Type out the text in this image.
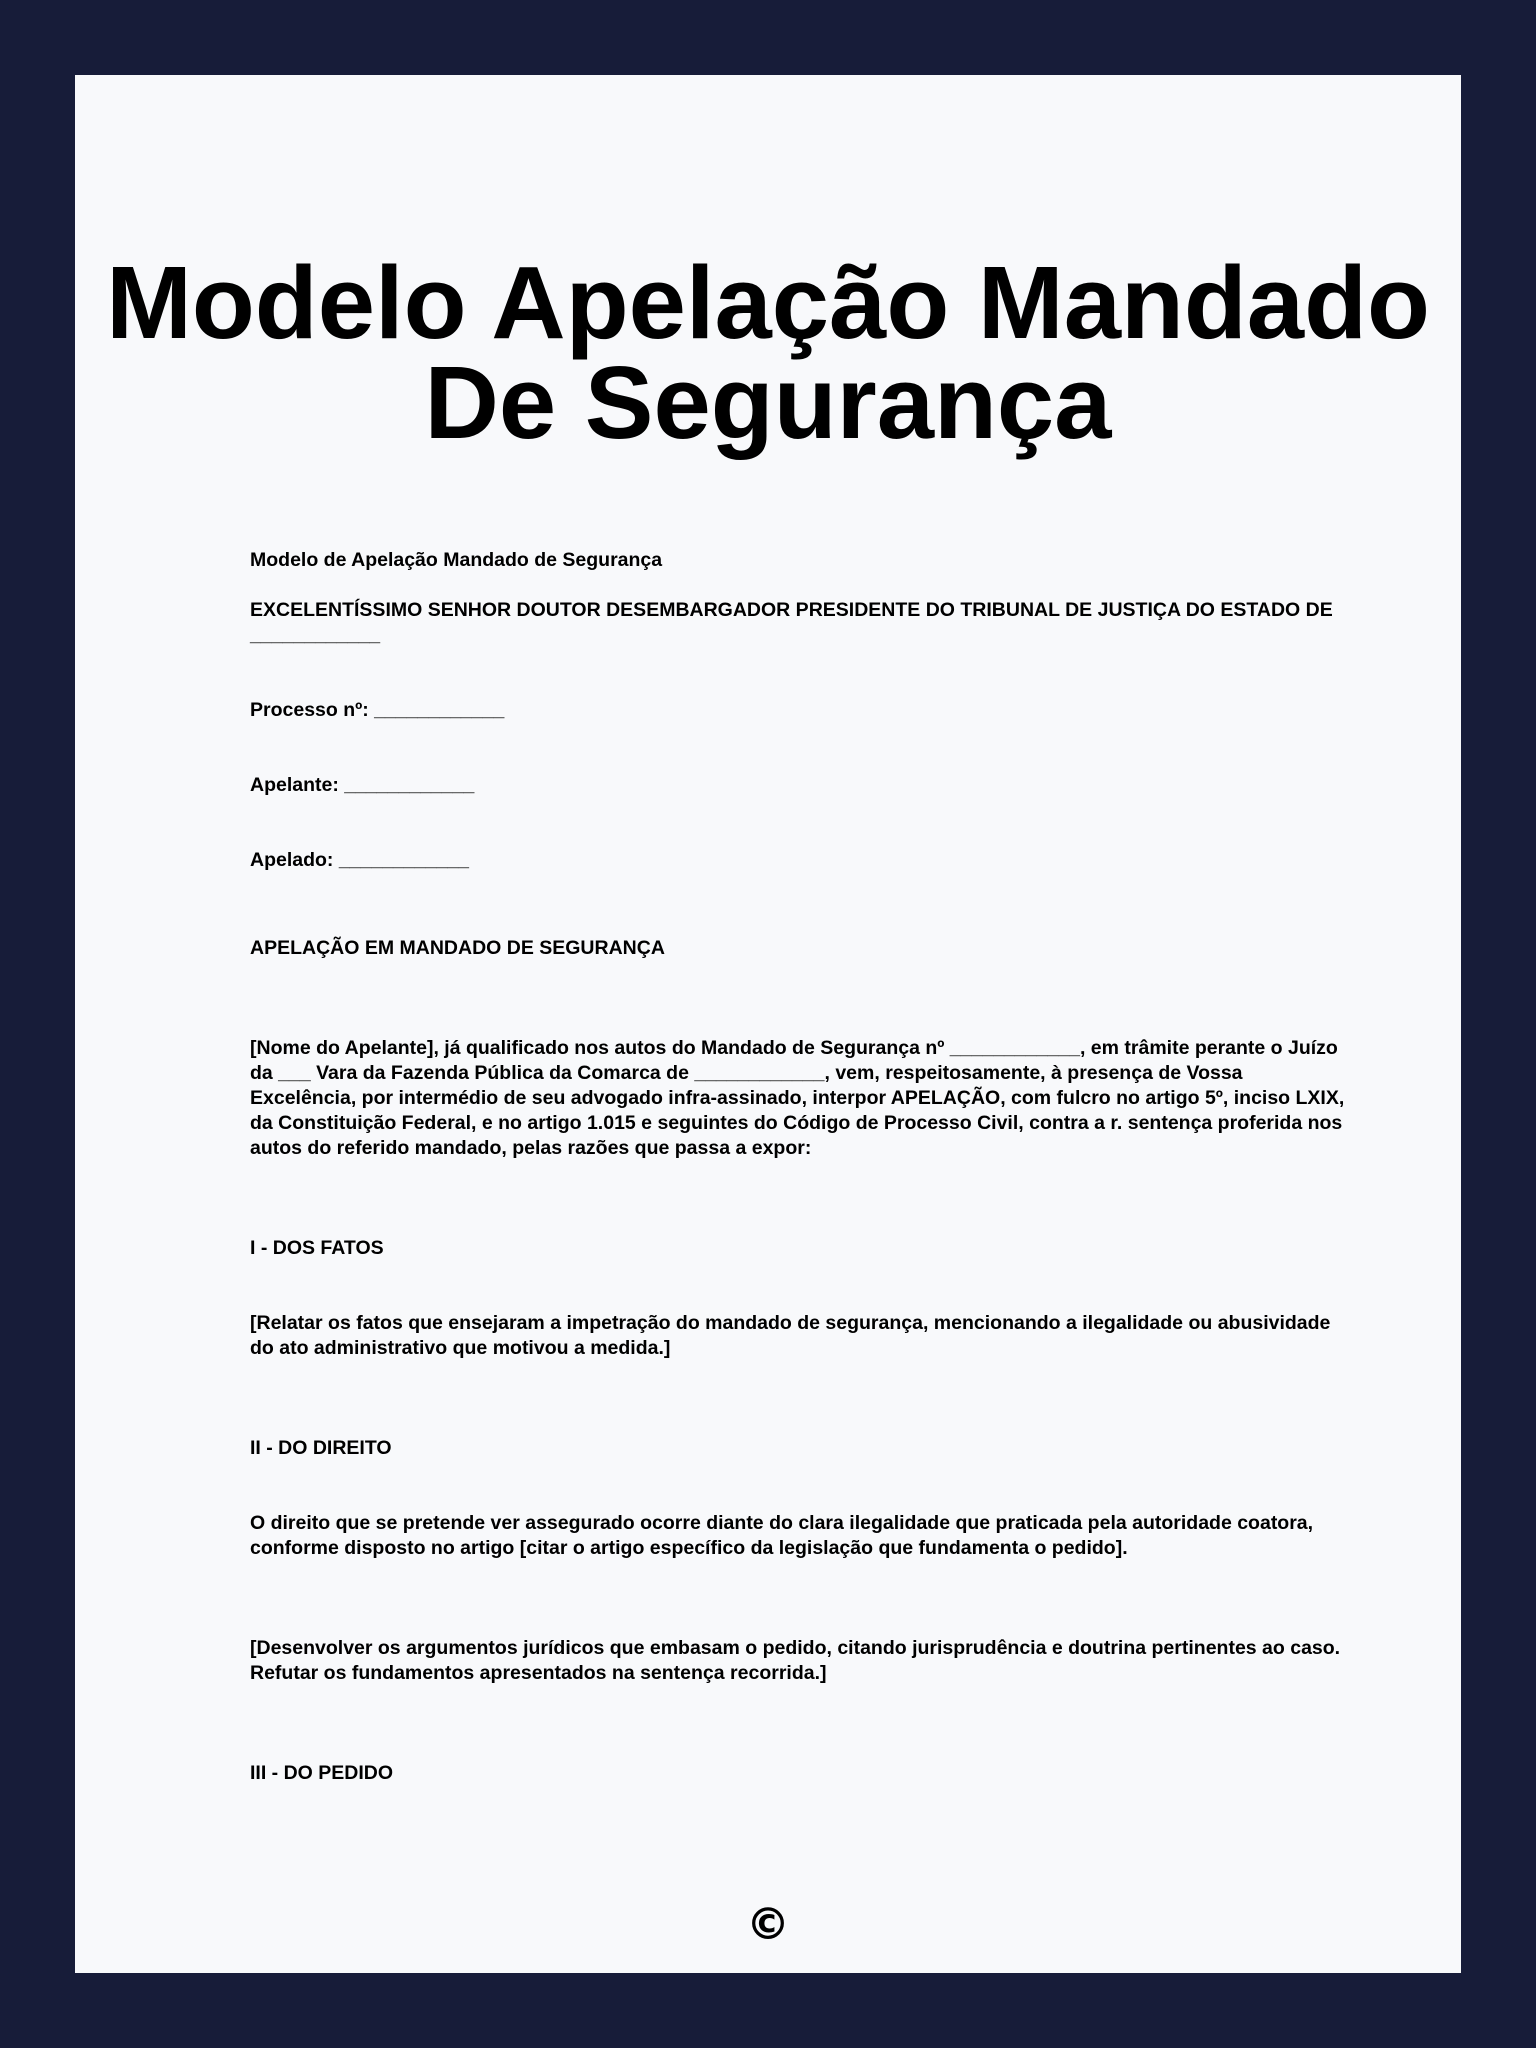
Modelo Apelação Mandado De Segurança

Modelo de Apelação Mandado de Segurança

EXCELENTÍSSIMO SENHOR DOUTOR DESEMBARGADOR PRESIDENTE DO TRIBUNAL DE JUSTIÇA DO ESTADO DE ____________

Processo nº: ____________

Apelante: ____________

Apelado: ____________

APELAÇÃO EM MANDADO DE SEGURANÇA

[Nome do Apelante], já qualificado nos autos do Mandado de Segurança nº ____________, em trâmite perante o Juízo da ___ Vara da Fazenda Pública da Comarca de ____________, vem, respeitosamente, à presença de Vossa Excelência, por intermédio de seu advogado infra-assinado, interpor APELAÇÃO, com fulcro no artigo 5º, inciso LXIX, da Constituição Federal, e no artigo 1.015 e seguintes do Código de Processo Civil, contra a r. sentença proferida nos autos do referido mandado, pelas razões que passa a expor:

I - DOS FATOS

[Relatar os fatos que ensejaram a impetração do mandado de segurança, mencionando a ilegalidade ou abusividade do ato administrativo que motivou a medida.]

II - DO DIREITO

O direito que se pretende ver assegurado ocorre diante do clara ilegalidade que praticada pela autoridade coatora, conforme disposto no artigo [citar o artigo específico da legislação que fundamenta o pedido].

[Desenvolver os argumentos jurídicos que embasam o pedido, citando jurisprudência e doutrina pertinentes ao caso. Refutar os fundamentos apresentados na sentença recorrida.]

III - DO PEDIDO

©
